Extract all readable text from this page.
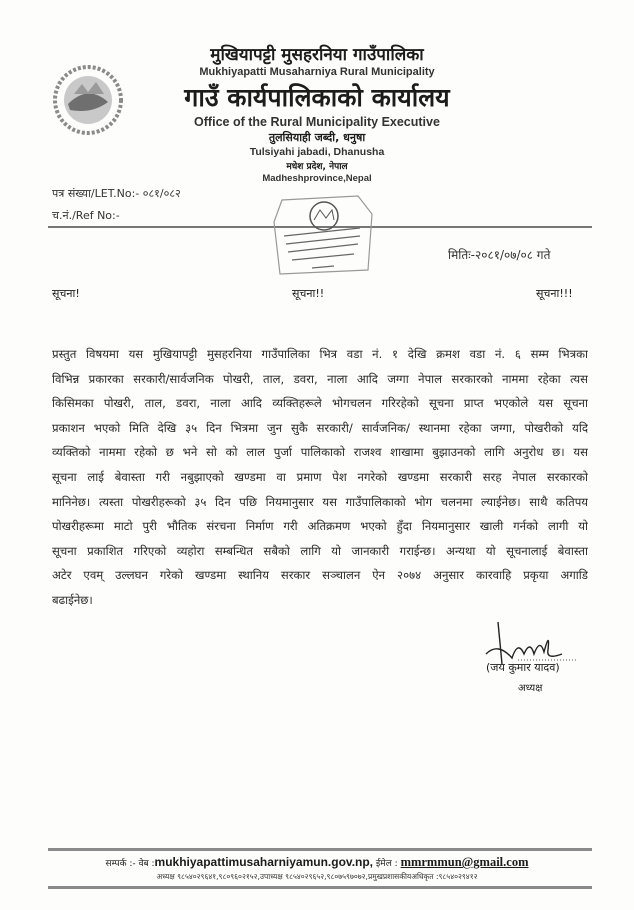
मुखियापट्टी मुसहरनिया गाउँपालिका
Mukhiyapatti Musaharniya Rural Municipality
गाउँ कार्यपालिकाको कार्यालय
Office of the Rural Municipality Executive
तुलसियाही जब्दी, धनुषा
Tulsiyahi jabadi, Dhanusha
मधेश प्रदेश, नेपाल
Madheshprovince,Nepal
पत्र संख्या/LET.No:- ०८१/०८२
च.नं./Ref No:-
मितिः-२०८१/०७/०८ गते
सूचना!	सूचना!!	सूचना!!!
प्रस्तुत विषयमा यस मुखियापट्टी मुसहरनिया गाउँपालिका भित्र वडा नं. १ देखि क्रमश वडा नं. ६ सम्म भित्रका
विभिन्न प्रकारका सरकारी/सार्वजनिक पोखरी, ताल, डवरा, नाला आदि जग्गा नेपाल सरकारको नाममा रहेका त्यस
किसिमका पोखरी, ताल, डवरा, नाला आदि व्यक्तिहरूले भोगचलन गरिरहेको सूचना प्राप्त भएकोले यस सूचना
प्रकाशन भएको मिति देखि ३५ दिन भित्रमा जुन सुकै सरकारी/ सार्वजनिक/ स्थानमा रहेका जग्गा, पोखरीको यदि
व्यक्तिको नाममा रहेको छ भने सो को लाल पुर्जा पालिकाको राजश्व शाखामा बुझाउनको लागि अनुरोध छ। यस
सूचना लाई बेवास्ता गरी नबुझाएको खण्डमा वा प्रमाण पेश नगरेको खण्डमा सरकारी सरह नेपाल सरकारको
मानिनेछ। त्यस्ता पोखरीहरूको ३५ दिन पछि नियमानुसार यस गाउँपालिकाको भोग चलनमा ल्याईनेछ। साथै कतिपय
पोखरीहरूमा माटो पुरी भौतिक संरचना निर्माण गरी अतिक्रमण भएको हुँदा नियमानुसार खाली गर्नको लागी यो
सूचना प्रकाशित गरिएको व्यहोरा सम्बन्धित सबैको लागि यो जानकारी गराईन्छ। अन्यथा यो सूचनालाई बेवास्ता
अटेर एवम् उल्लघन गरेको खण्डमा स्थानिय सरकार सञ्चालन ऐन २०७४ अनुसार कारवाहि प्रकृया अगाडि
बढाईनेछ।
(जय कुमार यादव)
अध्यक्ष
सम्पर्क :- वेब :mukhiyapattimusaharniyamun.gov.np, ईमेल : mmrmmun@gmail.com
अध्यक्ष ९८५४०२९६४१,९८०९६०२१५२,उपाध्यक्ष ९८५४०२९६५२,९८०७५९७०७२,प्रमुखप्रशासकीयअधिकृत :९८५४०२९४१२
